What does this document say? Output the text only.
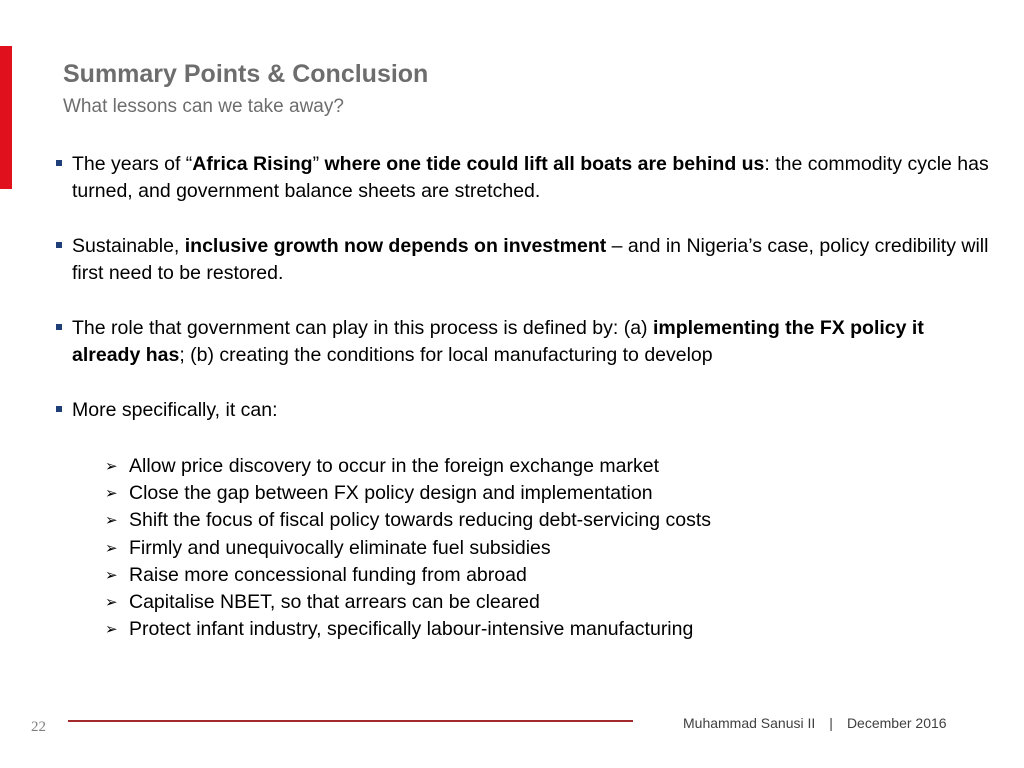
Summary Points & Conclusion
What lessons can we take away?
The years of “Africa Rising” where one tide could lift all boats are behind us: the commodity cycle has turned, and government balance sheets are stretched.
Sustainable, inclusive growth now depends on investment – and in Nigeria’s case, policy credibility will first need to be restored.
The role that government can play in this process is defined by: (a) implementing the FX policy it already has; (b) creating the conditions for local manufacturing to develop
More specifically, it can:
➢ Allow price discovery to occur in the foreign exchange market
➢ Close the gap between FX policy design and implementation
➢ Shift the focus of fiscal policy towards reducing debt-servicing costs
➢ Firmly and unequivocally eliminate fuel subsidies
➢ Raise more concessional funding from abroad
➢ Capitalise NBET, so that arrears can be cleared
➢ Protect infant industry, specifically labour-intensive manufacturing
22	Muhammad Sanusi II | December 2016
